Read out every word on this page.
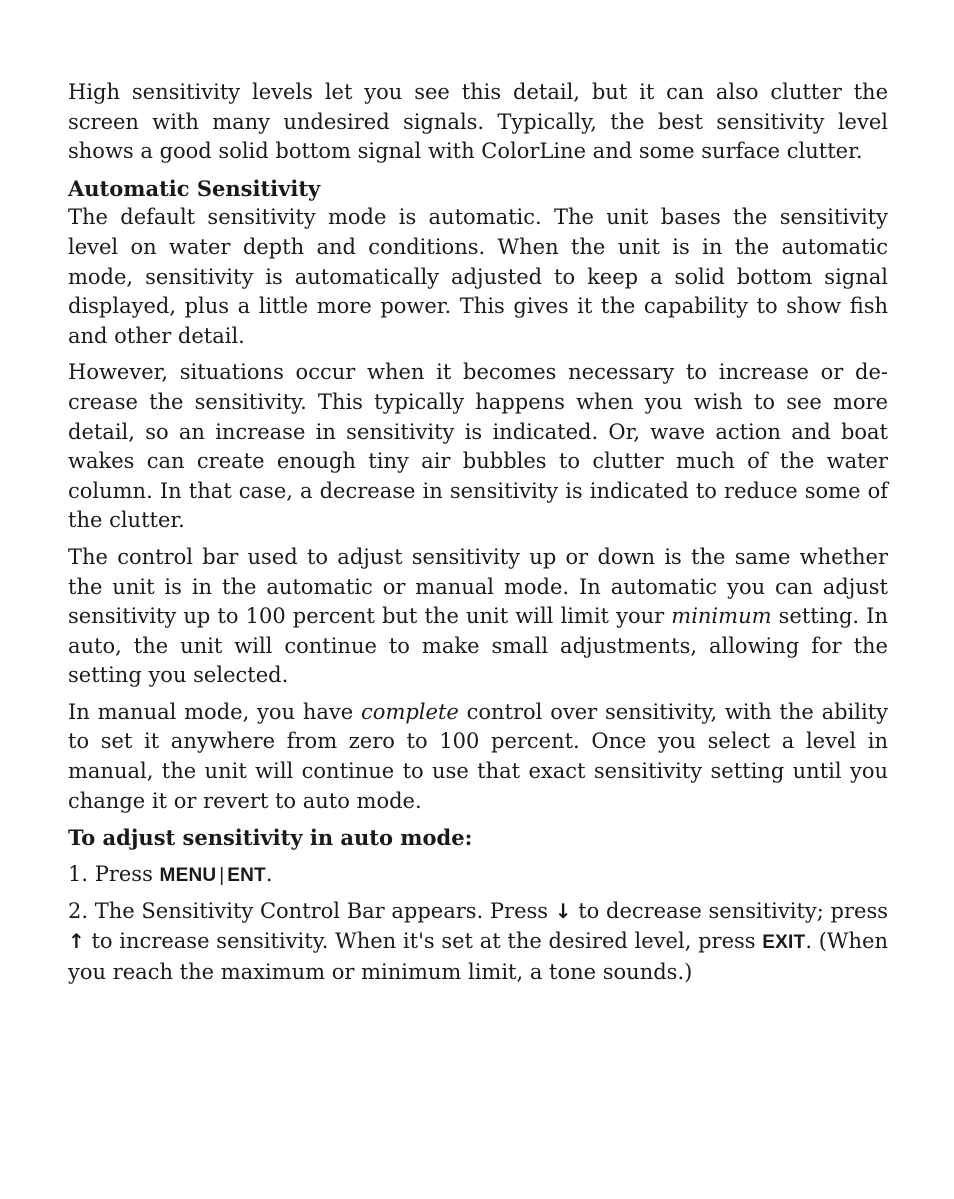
High sensitivity levels let you see this detail, but it can also clutter the screen with many undesired signals. Typically, the best sensitivity level shows a good solid bottom signal with ColorLine and some surface clutter.

Automatic Sensitivity

The default sensitivity mode is automatic. The unit bases the sensitivity level on water depth and conditions. When the unit is in the automatic mode, sensitivity is automatically adjusted to keep a solid bottom signal displayed, plus a little more power. This gives it the capability to show fish and other detail.

However, situations occur when it becomes necessary to increase or decrease the sensitivity. This typically happens when you wish to see more detail, so an increase in sensitivity is indicated. Or, wave action and boat wakes can create enough tiny air bubbles to clutter much of the water column. In that case, a decrease in sensitivity is indicated to reduce some of the clutter.

The control bar used to adjust sensitivity up or down is the same whether the unit is in the automatic or manual mode. In automatic you can adjust sensitivity up to 100 percent but the unit will limit your minimum setting. In auto, the unit will continue to make small adjustments, allowing for the setting you selected.

In manual mode, you have complete control over sensitivity, with the ability to set it anywhere from zero to 100 percent. Once you select a level in manual, the unit will continue to use that exact sensitivity setting until you change it or revert to auto mode.

To adjust sensitivity in auto mode:

1. Press MENU | ENT.

2. The Sensitivity Control Bar appears. Press ↓ to decrease sensitivity; press ↑ to increase sensitivity. When it's set at the desired level, press EXIT. (When you reach the maximum or minimum limit, a tone sounds.)
